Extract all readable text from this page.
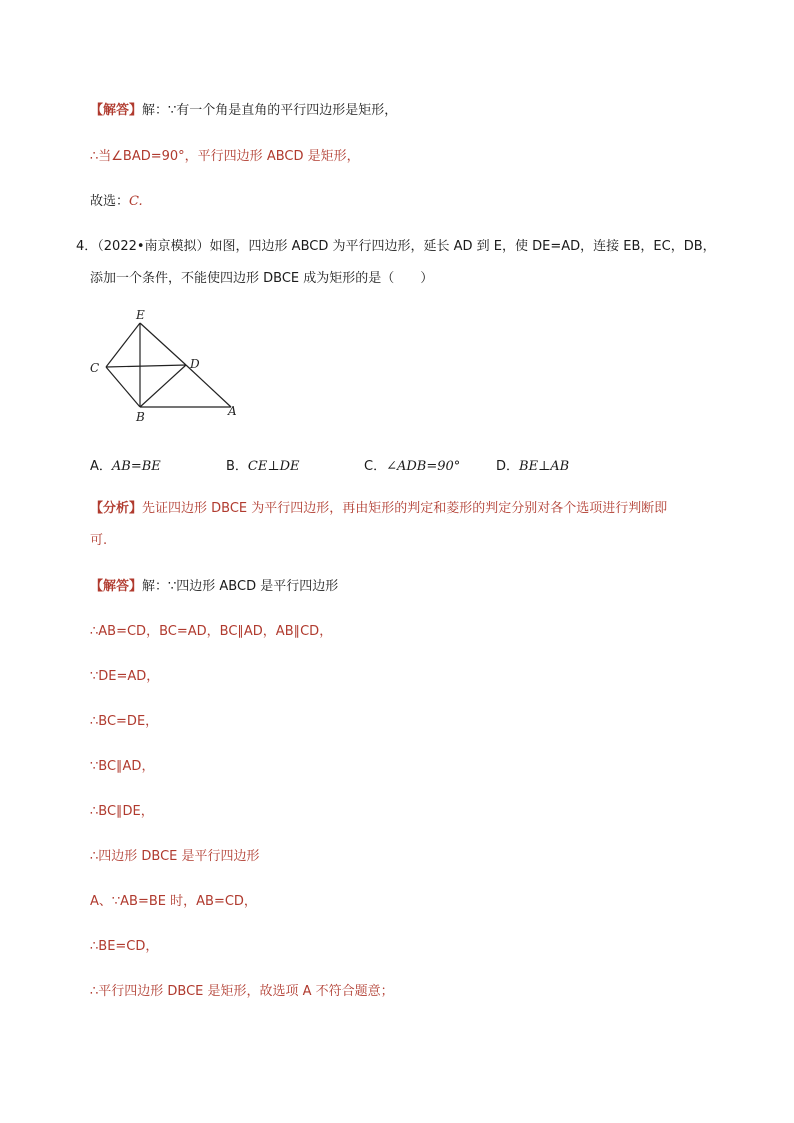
【解答】解：∵有一个角是直角的平行四边形是矩形，
∴当∠BAD=90°，平行四边形 ABCD 是矩形，
故选：C.
4．（2022•南京模拟）如图，四边形 ABCD 为平行四边形，延长 AD 到 E，使 DE=AD，连接 EB，EC，DB，
添加一个条件，不能使四边形 DBCE 成为矩形的是（　　）
E
C	D
B	A
A．AB=BE	B．CE⊥DE	C．∠ADB=90°	D．BE⊥AB
【分析】先证四边形 DBCE 为平行四边形，再由矩形的判定和菱形的判定分别对各个选项进行判断即
可.
【解答】解：∵四边形 ABCD 是平行四边形
∴AB=CD，BC=AD，BC∥AD，AB∥CD，
∵DE=AD，
∴BC=DE，
∵BC∥AD，
∴BC∥DE，
∴四边形 DBCE 是平行四边形
A、∵AB=BE 时，AB=CD，
∴BE=CD，
∴平行四边形 DBCE 是矩形，故选项 A 不符合题意；
